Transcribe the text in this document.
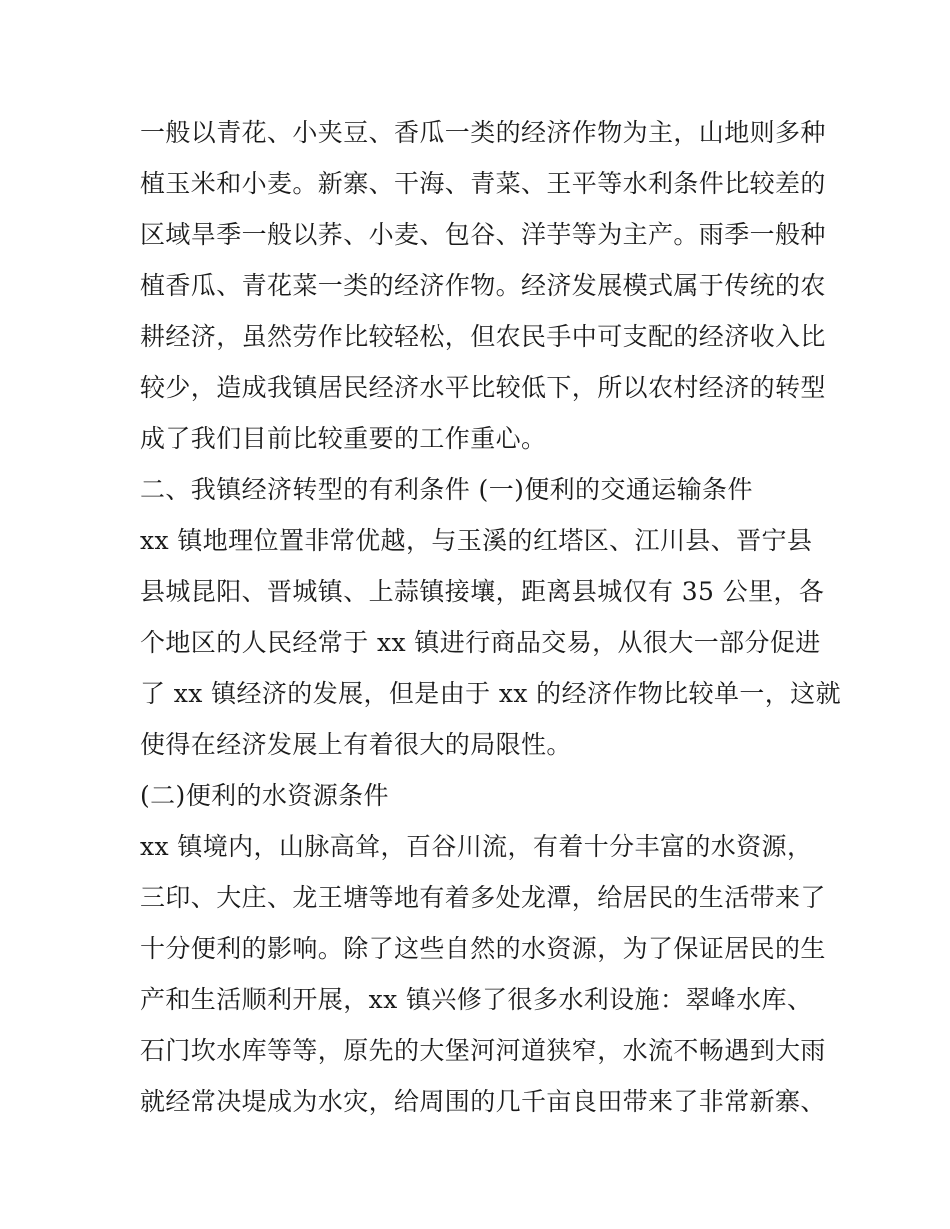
一般以青花、小夹豆、香瓜一类的经济作物为主，山地则多种
植玉米和小麦。新寨、干海、青菜、王平等水利条件比较差的
区域旱季一般以荞、小麦、包谷、洋芋等为主产。雨季一般种
植香瓜、青花菜一类的经济作物。经济发展模式属于传统的农
耕经济，虽然劳作比较轻松，但农民手中可支配的经济收入比
较少，造成我镇居民经济水平比较低下，所以农村经济的转型
成了我们目前比较重要的工作重心。
二、我镇经济转型的有利条件 (一)便利的交通运输条件
xx 镇地理位置非常优越，与玉溪的红塔区、江川县、晋宁县
县城昆阳、晋城镇、上蒜镇接壤，距离县城仅有 35 公里，各
个地区的人民经常于 xx 镇进行商品交易，从很大一部分促进
了 xx 镇经济的发展，但是由于 xx 的经济作物比较单一，这就
使得在经济发展上有着很大的局限性。
(二)便利的水资源条件
xx 镇境内，山脉高耸，百谷川流，有着十分丰富的水资源，
三印、大庄、龙王塘等地有着多处龙潭，给居民的生活带来了
十分便利的影响。除了这些自然的水资源，为了保证居民的生
产和生活顺利开展，xx 镇兴修了很多水利设施：翠峰水库、
石门坎水库等等，原先的大堡河河道狭窄，水流不畅遇到大雨
就经常决堤成为水灾，给周围的几千亩良田带来了非常新寨、
